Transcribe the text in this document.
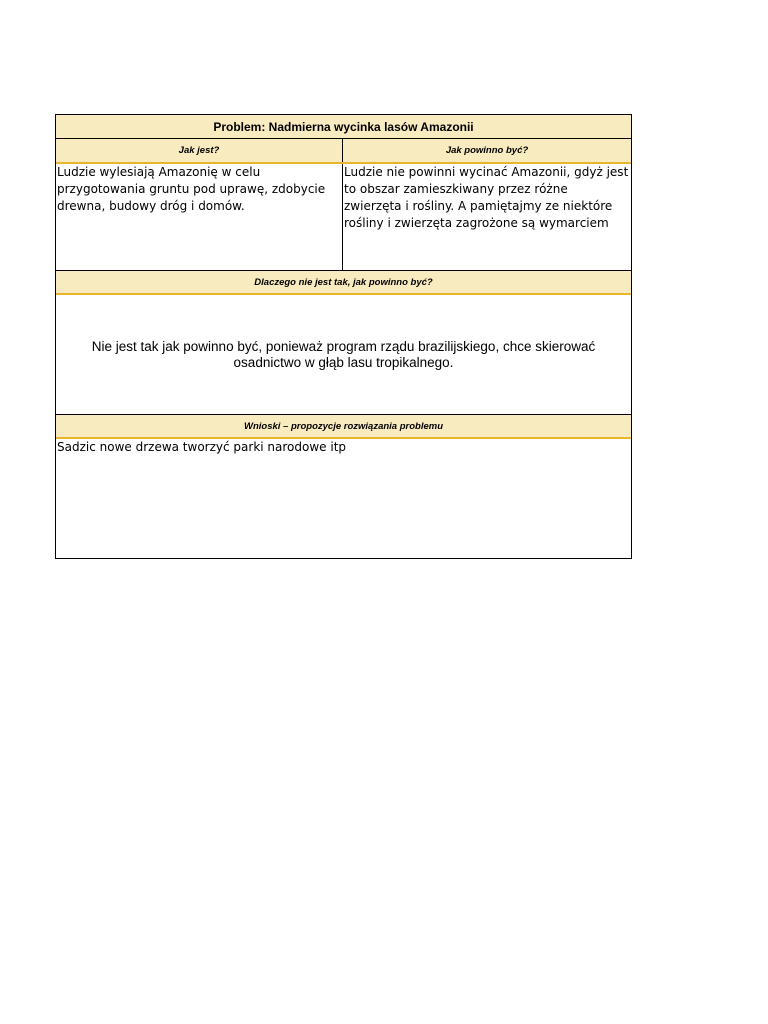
Problem: Nadmierna wycinka lasów Amazonii
Jak jest?	Jak powinno być?
Ludzie wylesiają Amazonię w celu przygotowania gruntu pod uprawę, zdobycie drewna, budowy dróg i domów.
Ludzie nie powinni wycinać Amazonii, gdyż jest to obszar zamieszkiwany przez różne zwierzęta i rośliny. A pamiętajmy ze niektóre rośliny i zwierzęta zagrożone są wymarciem
Dlaczego nie jest tak, jak powinno być?
Nie jest tak jak powinno być, ponieważ program rządu brazilijskiego, chce skierować osadnictwo w głąb lasu tropikalnego.
Wnioski – propozycje rozwiązania problemu
Sadzic nowe drzewa tworzyć parki narodowe itp
